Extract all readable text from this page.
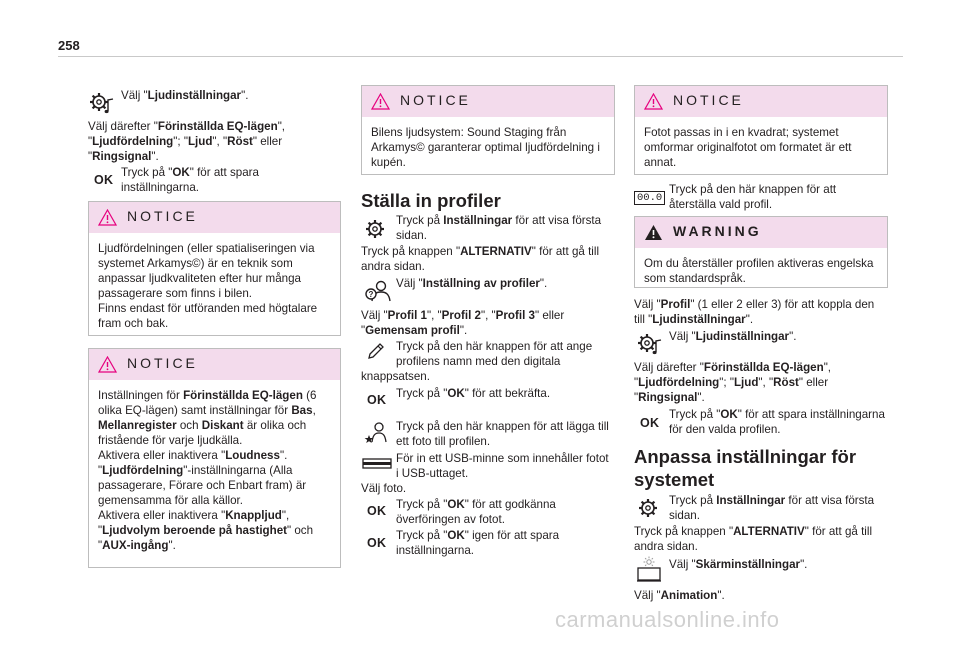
258
Välj "Ljudinställningar".
Välj därefter "Förinställda EQ-lägen",
"Ljudfördelning"; "Ljud", "Röst" eller
"Ringsignal".
OK
Tryck på "OK" för att spara
inställningarna.
NOTICE
Ljudfördelningen (eller spatialiseringen via
systemet Arkamys©) är en teknik som
anpassar ljudkvaliteten efter hur många
passagerare som finns i bilen.
Finns endast för utföranden med högtalare
fram och bak.
NOTICE
Inställningen för Förinställda EQ-lägen (6
olika EQ-lägen) samt inställningar för Bas,
Mellanregister och Diskant är olika och
fristående för varje ljudkälla.
Aktivera eller inaktivera "Loudness".
"Ljudfördelning"-inställningarna (Alla
passagerare, Förare och Enbart fram) är
gemensamma för alla källor.
Aktivera eller inaktivera "Knappljud",
"Ljudvolym beroende på hastighet" och
"AUX-ingång".
NOTICE
Bilens ljudsystem: Sound Staging från
Arkamys© garanterar optimal ljudfördelning i
kupén.
Ställa in profiler
Tryck på Inställningar för att visa första
sidan.
Tryck på knappen "ALTERNATIV" för att gå till
andra sidan.
?
Välj "Inställning av profiler".
Välj "Profil 1", "Profil 2", "Profil 3" eller
"Gemensam profil".
Tryck på den här knappen för att ange
profilens namn med den digitala
knappsatsen.
OK Tryck på "OK" för att bekräfta.
Tryck på den här knappen för att lägga till
ett foto till profilen.
För in ett USB-minne som innehåller fotot
i USB-uttaget.
Välj foto.
OK Tryck på "OK" för att godkänna
överföringen av fotot.
OK
Tryck på "OK" igen för att spara
inställningarna.
NOTICE
Fotot passas in i en kvadrat; systemet
omformar originalfotot om formatet är ett
annat.
00.0
Tryck på den här knappen för att
återställa vald profil.
WARNING
Om du återställer profilen aktiveras engelska
som standardspråk.
Välj "Profil" (1 eller 2 eller 3) för att koppla den
till "Ljudinställningar".
Välj "Ljudinställningar".
Välj därefter "Förinställda EQ-lägen",
"Ljudfördelning"; "Ljud", "Röst" eller
"Ringsignal".
OK
Tryck på "OK" för att spara inställningarna
för den valda profilen.
Anpassa inställningar för
systemet
Tryck på Inställningar för att visa första
sidan.
Tryck på knappen "ALTERNATIV" för att gå till
andra sidan.
Välj "Skärminställningar".
Välj "Animation".
carmanualsonline.info
